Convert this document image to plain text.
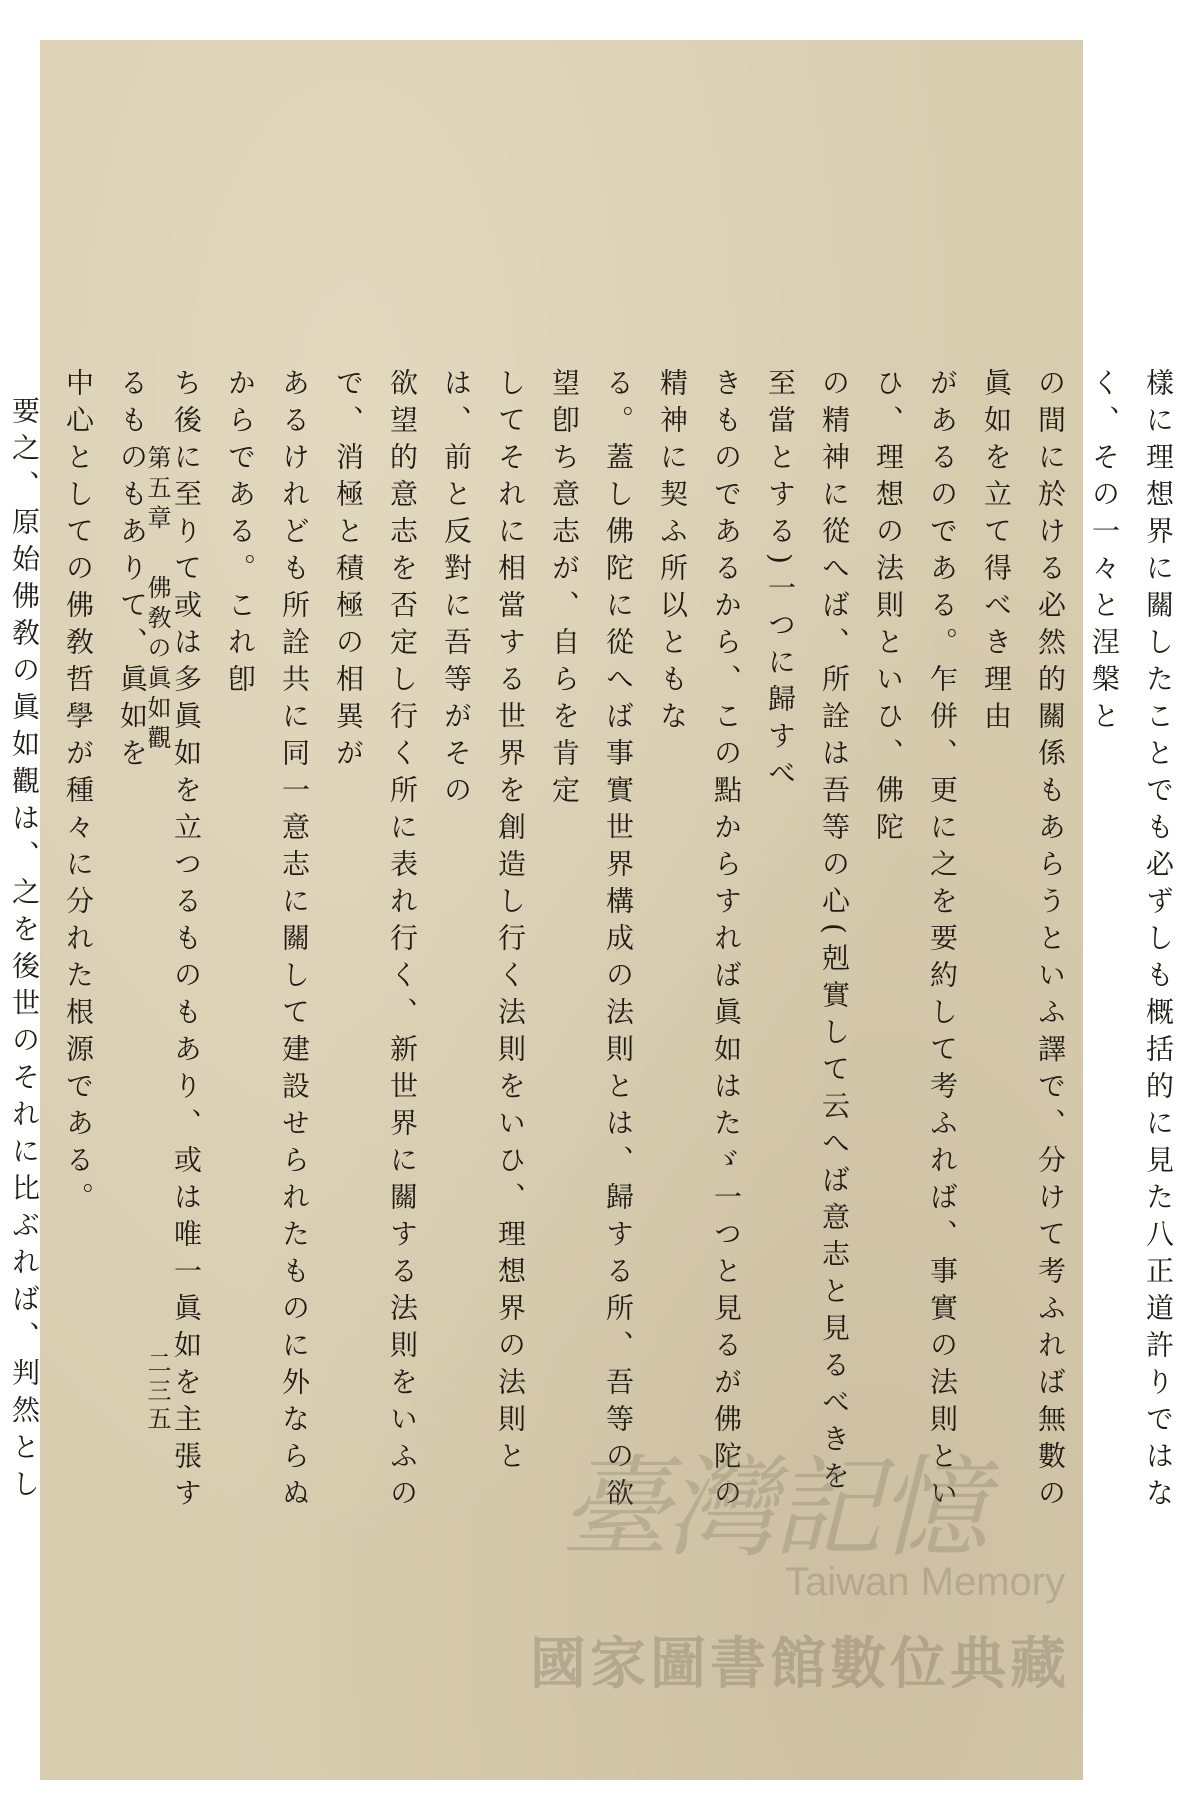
樣に理想界に關したことでも必ずしも概括的に見た八正道許りではなく、その一々と涅槃と

の間に於ける必然的關係もあらうといふ譯で、分けて考ふれば無數の眞如を立て得べき理由

があるのである。乍併、更に之を要約して考ふれば、事實の法則といひ、理想の法則といひ、佛陀

の精神に從へば、所詮は吾等の心(剋實して云へば意志と見るべきを至當とする)一つに歸すべ

きものであるから、この點からすれば眞如はたゞ一つと見るが佛陀の精神に契ふ所以ともな

る。蓋し佛陀に從へば事實世界構成の法則とは、歸する所、吾等の欲望卽ち意志が、自らを肯定

してそれに相當する世界を創造し行く法則をいひ、理想界の法則とは、前と反對に吾等がその

欲望的意志を否定し行く所に表れ行く、新世界に關する法則をいふので、消極と積極の相異が

あるけれども所詮共に同一意志に關して建設せられたものに外ならぬからである。これ卽

ち後に至りて或は多眞如を立つるものもあり、或は唯一眞如を主張するものもありて、眞如を

中心としての佛敎哲學が種々に分れた根源である。

要之、原始佛敎の眞如觀は、之を後世のそれに比ぶれば、判然とし

第五章佛敎の眞如觀
二三五
臺灣記憶
Taiwan Memory
國家圖書館數位典藏
